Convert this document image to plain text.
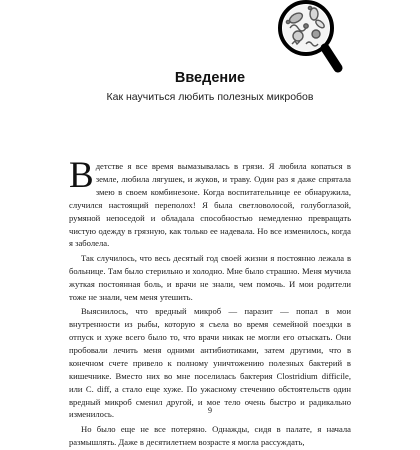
Введение
Как научиться любить полезных микробов

Вдетстве я все время вымазывалась в грязи. Я любила копаться в земле, любила лягушек, и жуков, и траву. Один раз я даже спрятала змею в своем комбинезоне. Когда воспитательнице ее обнаружила, случился настоящий переполох! Я была светловолосой, голубоглазой, румяной непоседой и обладала способностью немедленно превращать чистую одежду в грязную, как только ее надевала. Но все изменилось, когда я заболела.

Так случилось, что весь десятый год своей жизни я постоянно лежала в больнице. Там было стерильно и холодно. Мне было страшно. Меня мучила жуткая постоянная боль, и врачи не знали, чем помочь. И мои родители тоже не знали, чем меня утешить.

Выяснилось, что вредный микроб — паразит — попал в мои внутренности из рыбы, которую я съела во время семейной поездки в отпуск и хуже всего было то, что врачи никак не могли его отыскать. Они пробовали лечить меня одними антибиотиками, затем другими, что в конечном счете привело к полному уничтожению полезных бактерий в кишечнике. Вместо них во мне поселилась бактерия Clostridium difficile, или C. diff, а стало еще хуже. По ужасному стечению обстоятельств один вредный микроб сменил другой, и мое тело очень быстро и радикально изменилось.

Но было еще не все потеряно. Однажды, сидя в палате, я начала размышлять. Даже в десятилетнем возрасте я могла рассуждать,

9
